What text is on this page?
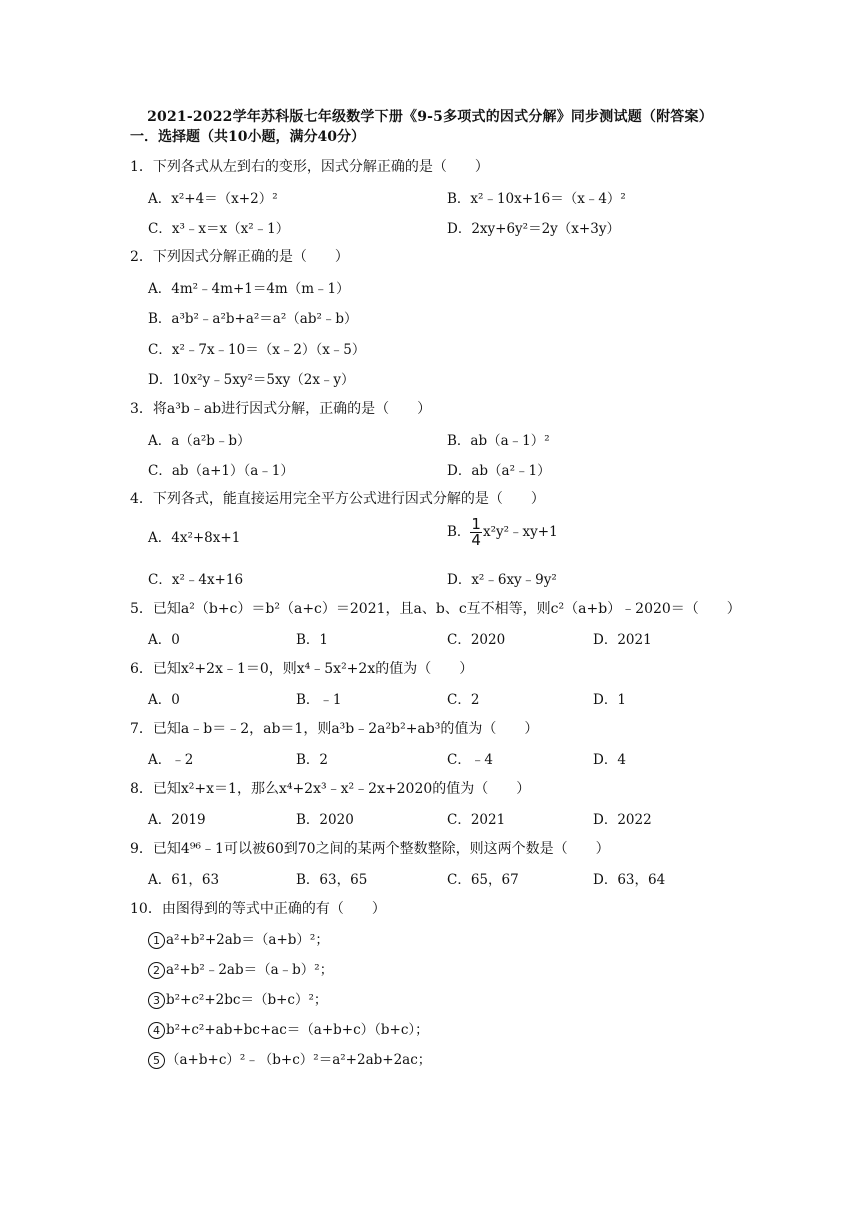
2021-2022学年苏科版七年级数学下册《9-5多项式的因式分解》同步测试题（附答案）
一．选择题（共10小题，满分40分）
1．下列各式从左到右的变形，因式分解正确的是（　　）
A．x²+4＝（x+2）²	B．x²﹣10x+16＝（x﹣4）²
C．x³﹣x＝x（x²﹣1）	D．2xy+6y²＝2y（x+3y）
2．下列因式分解正确的是（　　）
A．4m²﹣4m+1＝4m（m﹣1）
B．a³b²﹣a²b+a²＝a²（ab²﹣b）
C．x²﹣7x﹣10＝（x﹣2）（x﹣5）
D．10x²y﹣5xy²＝5xy（2x﹣y）
3．将a³b﹣ab进行因式分解，正确的是（　　）
A．a（a²b﹣b）	B．ab（a﹣1）²
C．ab（a+1）（a﹣1）	D．ab（a²﹣1）
4．下列各式，能直接运用完全平方公式进行因式分解的是（　　）
A．4x²+8x+1	B． $\frac{1}{4}$ x²y²﹣xy+1
C．x²﹣4x+16	D．x²﹣6xy﹣9y²
5．已知a²（b+c）＝b²（a+c）＝2021，且a、b、c互不相等，则c²（a+b）﹣2020＝（　　）
A．0	B．1	C．2020	D．2021
6．已知x²+2x﹣1＝0，则x⁴﹣5x²+2x的值为（　　）
A．0	B．﹣1	C．2	D．1
7．已知a﹣b＝﹣2，ab＝1，则a³b﹣2a²b²+ab³的值为（　　）
A．﹣2	B．2	C．﹣4	D．4
8．已知x²+x＝1，那么x⁴+2x³﹣x²﹣2x+2020的值为（　　）
A．2019	B．2020	C．2021	D．2022
9．已知4⁹⁶﹣1可以被60到70之间的某两个整数整除，则这两个数是（　　）
A．61，63	B．63，65	C．65，67	D．63，64
10．由图得到的等式中正确的有（　　）
1 a²+b²+2ab＝（a+b）²；
2 a²+b²﹣2ab＝（a﹣b）²；
3 b²+c²+2bc＝（b+c）²；
4 b²+c²+ab+bc+ac＝（a+b+c）（b+c）；
5 （a+b+c）²﹣（b+c）²＝a²+2ab+2ac；
